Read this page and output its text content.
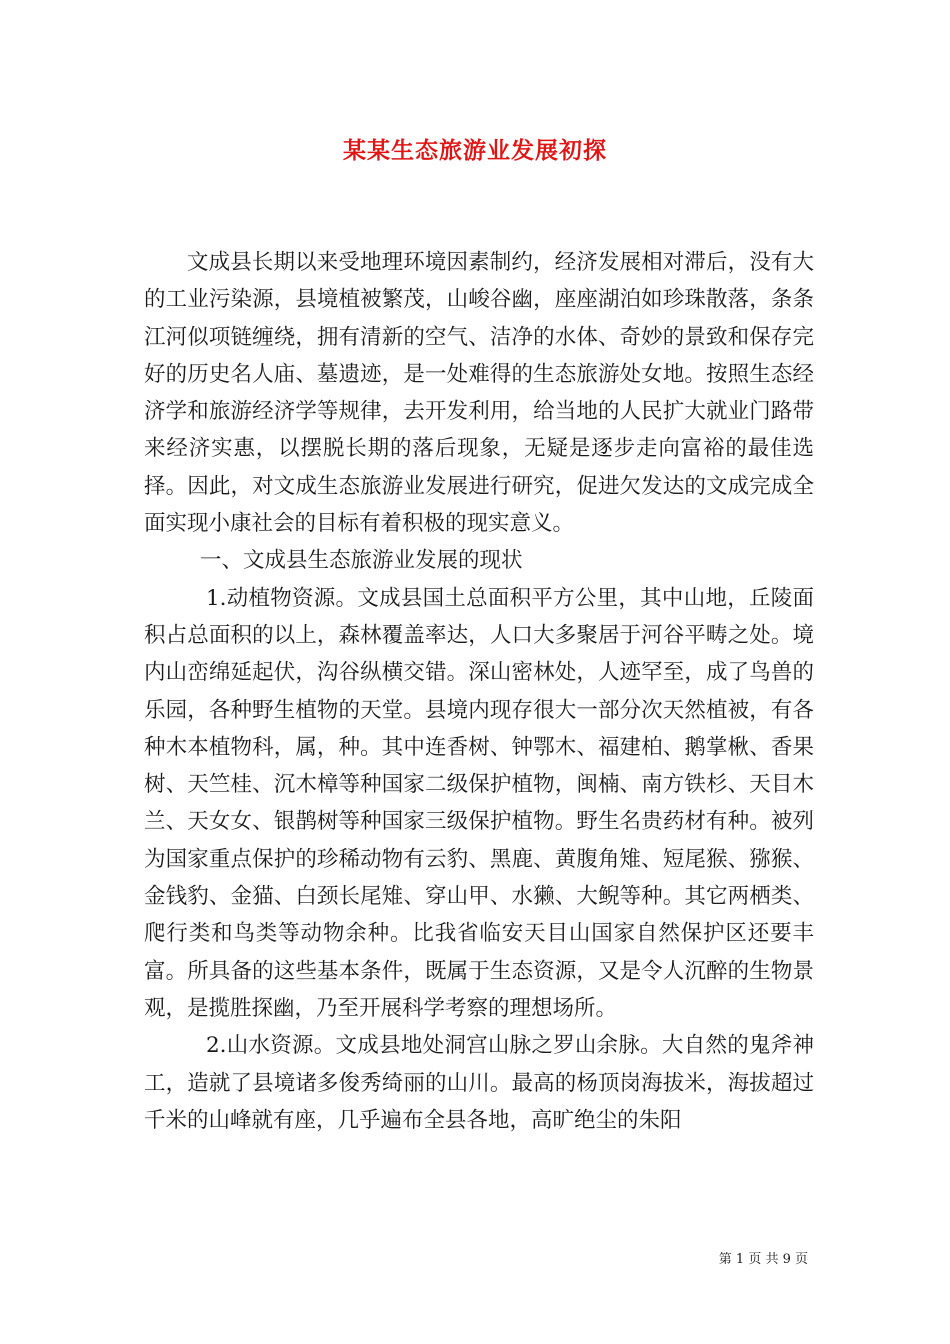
某某生态旅游业发展初探

文成县长期以来受地理环境因素制约，经济发展相对滞后，没有大的工业污染源，县境植被繁茂，山峻谷幽，座座湖泊如珍珠散落，条条江河似项链缠绕，拥有清新的空气、洁净的水体、奇妙的景致和保存完好的历史名人庙、墓遗迹，是一处难得的生态旅游处女地。按照生态经济学和旅游经济学等规律，去开发利用，给当地的人民扩大就业门路带来经济实惠，以摆脱长期的落后现象，无疑是逐步走向富裕的最佳选择。因此，对文成生态旅游业发展进行研究，促进欠发达的文成完成全面实现小康社会的目标有着积极的现实意义。

一、文成县生态旅游业发展的现状

1.动植物资源。文成县国土总面积平方公里，其中山地，丘陵面积占总面积的以上，森林覆盖率达，人口大多聚居于河谷平畴之处。境内山峦绵延起伏，沟谷纵横交错。深山密林处，人迹罕至，成了鸟兽的乐园，各种野生植物的天堂。县境内现存很大一部分次天然植被，有各种木本植物科，属，种。其中连香树、钟鄂木、福建柏、鹅掌楸、香果树、天竺桂、沉木樟等种国家二级保护植物，闽楠、南方铁杉、天目木兰、天女女、银鹊树等种国家三级保护植物。野生名贵药材有种。被列为国家重点保护的珍稀动物有云豹、黑鹿、黄腹角雉、短尾猴、猕猴、金钱豹、金猫、白颈长尾雉、穿山甲、水獭、大鲵等种。其它两栖类、爬行类和鸟类等动物余种。比我省临安天目山国家自然保护区还要丰富。所具备的这些基本条件，既属于生态资源，又是令人沉醉的生物景观，是揽胜探幽，乃至开展科学考察的理想场所。

2.山水资源。文成县地处洞宫山脉之罗山余脉。大自然的鬼斧神工，造就了县境诸多俊秀绮丽的山川。最高的杨顶岗海拔米，海拔超过千米的山峰就有座，几乎遍布全县各地，高旷绝尘的朱阳

第 1 页 共 9 页
